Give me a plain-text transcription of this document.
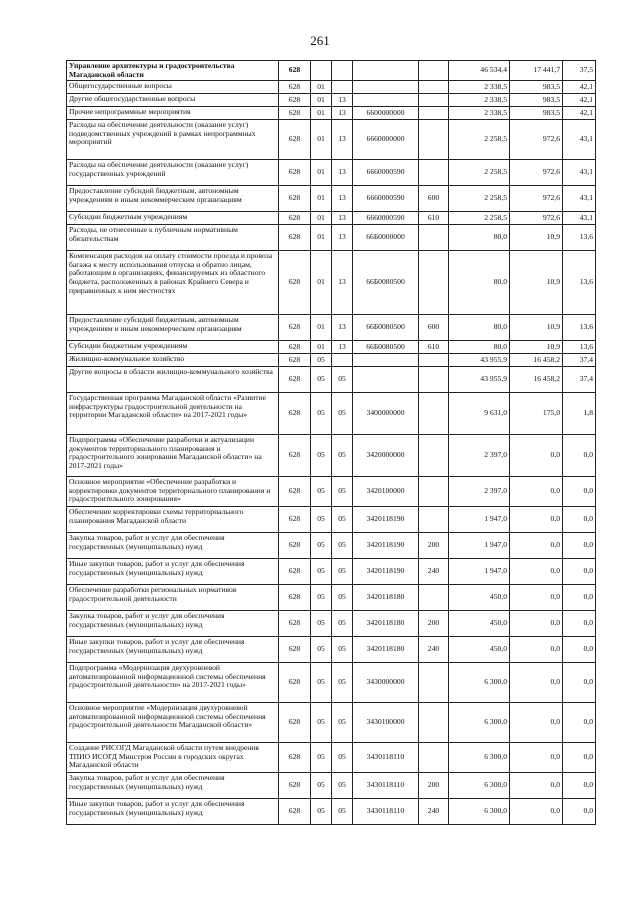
261
Управление архитектуры и градостроительства Магаданской области	628					46 534,4	17 441,7	37,5
Общегосударственные вопросы	628	01				2 338,5	983,5	42,1
Другие общегосударственные вопросы	628	01	13			2 338,5	983,5	42,1
Прочие непрограммные мероприятия	628	01	13	6600000000		2 338,5	983,5	42,1
Расходы на обеспечение деятельности (оказание услуг) подведомственных учреждений в рамках непрограммных мероприятий	628	01	13	6660000000		2 258,5	972,6	43,1
Расходы на обеспечение деятельности (оказание услуг) государственных учреждений	628	01	13	6660000590		2 258,5	972,6	43,1
Предоставление субсидий бюджетным, автономным учреждениям и иным некоммерческим организациям	628	01	13	6660000590	600	2 258,5	972,6	43,1
Субсидии бюджетным учреждениям	628	01	13	6660000590	610	2 258,5	972,6	43,1
Расходы, не отнесенные к публичным нормативным обязательствам	628	01	13	66Б0000000		80,0	10,9	13,6
Компенсация расходов на оплату стоимости проезда и провоза багажа к месту использования отпуска и обратно лицам, работающим в организациях, финансируемых из областного бюджета, расположенных в районах Крайнего Севера и приравненных к ним местностях	628	01	13	66Б0080500		80,0	10,9	13,6
Предоставление субсидий бюджетным, автономным учреждениям и иным некоммерческим организациям	628	01	13	66Б0080500	600	80,0	10,9	13,6
Субсидии бюджетным учреждениям	628	01	13	66Б0080500	610	80,0	10,9	13,6
Жилищно-коммунальное хозяйство	628	05				43 955,9	16 458,2	37,4
Другие вопросы в области жилищно-коммунального хозяйства	628	05	05			43 955,9	16 458,2	37,4
Государственная программа Магаданской области «Развитие инфраструктуры градостроительной деятельности на территории Магаданской области» на 2017-2021 годы»	628	05	05	3400000000		9 631,0	175,0	1,8
Подпрограмма «Обеспечение разработки и актуализации документов территориального планирования и градостроительного зонирования Магаданской области» на 2017-2021 годы»	628	05	05	3420000000		2 397,0	0,0	0,0
Основное мероприятие «Обеспечение разработки и корректировки документов территориального планирования и градостроительного зонирования»	628	05	05	3420100000		2 397,0	0,0	0,0
Обеспечение корректировки схемы территориального планирования Магаданской области	628	05	05	3420118190		1 947,0	0,0	0,0
Закупка товаров, работ и услуг для обеспечения государственных (муниципальных) нужд	628	05	05	3420118190	200	1 947,0	0,0	0,0
Иные закупки товаров, работ и услуг для обеспечения государственных (муниципальных) нужд	628	05	05	3420118190	240	1 947,0	0,0	0,0
Обеспечение разработки региональных нормативов градостроительной деятельности	628	05	05	3420118180		450,0	0,0	0,0
Закупка товаров, работ и услуг для обеспечения государственных (муниципальных) нужд	628	05	05	3420118180	200	450,0	0,0	0,0
Иные закупки товаров, работ и услуг для обеспечения государственных (муниципальных) нужд	628	05	05	3420118180	240	450,0	0,0	0,0
Подпрограмма «Модернизация двухуровневой автоматизированной информационной системы обеспечения градостроительной деятельности» на 2017-2021 годы»	628	05	05	3430000000		6 300,0	0,0	0,0
Основное мероприятие «Модернизация двухуровневой автоматизированной информационной системы обеспечения градостроительной деятельности Магаданской области»	628	05	05	3430100000		6 300,0	0,0	0,0
Создание РИСОГД Магаданской области путем внедрения ТПИО ИСОГД Минстроя России в городских округах Магаданской области	628	05	05	3430118110		6 300,0	0,0	0,0
Закупка товаров, работ и услуг для обеспечения государственных (муниципальных) нужд	628	05	05	3430118110	200	6 300,0	0,0	0,0
Иные закупки товаров, работ и услуг для обеспечения государственных (муниципальных) нужд	628	05	05	3430118110	240	6 300,0	0,0	0,0
